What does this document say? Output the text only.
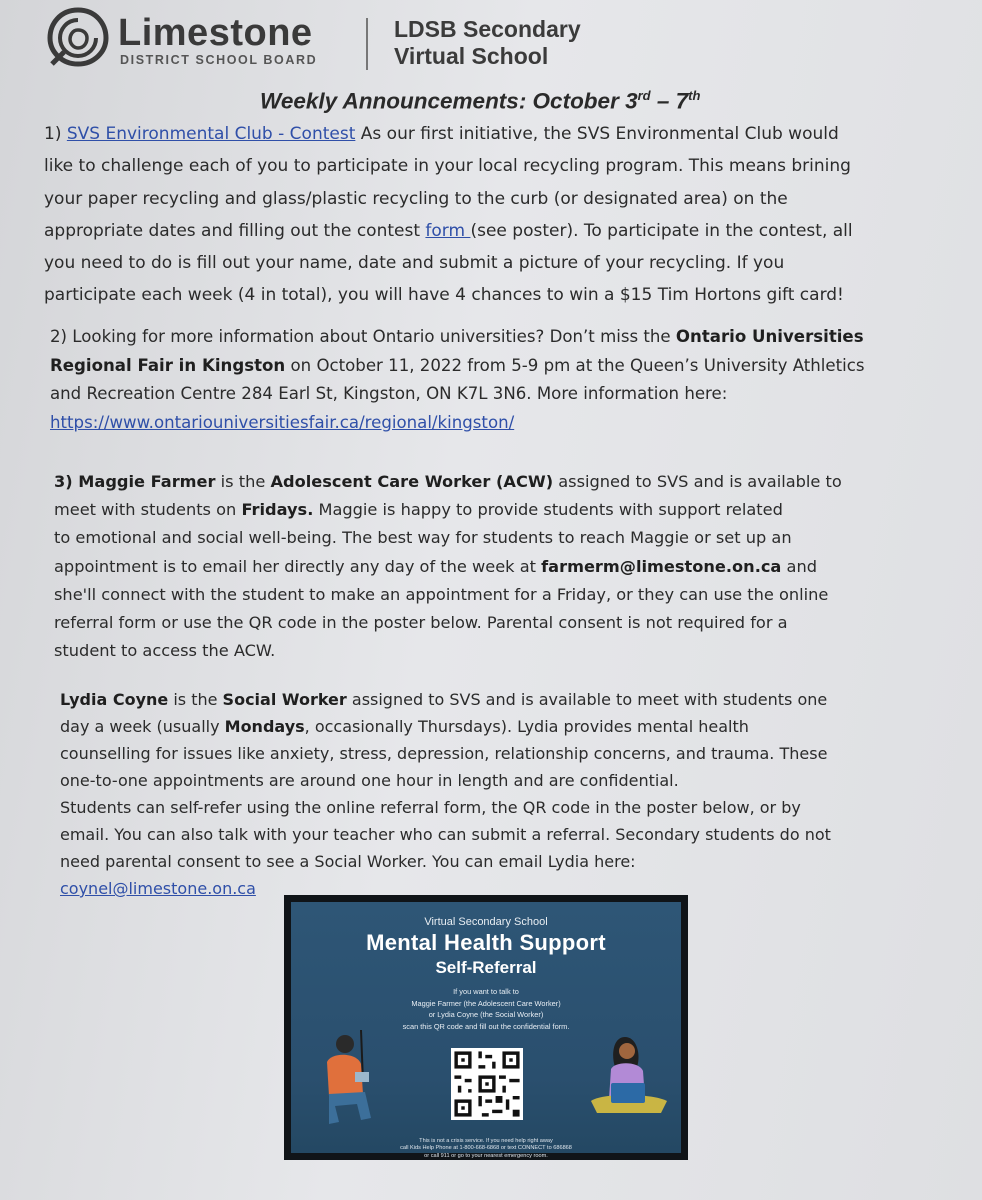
Limestone
DISTRICT SCHOOL BOARD
LDSB Secondary
Virtual School
Weekly Announcements: October 3rd – 7th
1) SVS Environmental Club - Contest As our first initiative, the SVS Environmental Club would
like to challenge each of you to participate in your local recycling program. This means brining
your paper recycling and glass/plastic recycling to the curb (or designated area) on the
appropriate dates and filling out the contest form (see poster). To participate in the contest, all
you need to do is fill out your name, date and submit a picture of your recycling. If you
participate each week (4 in total), you will have 4 chances to win a $15 Tim Hortons gift card!
2) Looking for more information about Ontario universities? Don’t miss the Ontario Universities
Regional Fair in Kingston on October 11, 2022 from 5-9 pm at the Queen’s University Athletics
and Recreation Centre 284 Earl St, Kingston, ON K7L 3N6. More information here:
https://www.ontariouniversitiesfair.ca/regional/kingston/
3) Maggie Farmer is the Adolescent Care Worker (ACW) assigned to SVS and is available to
meet with students on Fridays. Maggie is happy to provide students with support related
to emotional and social well-being. The best way for students to reach Maggie or set up an
appointment is to email her directly any day of the week at farmerm@limestone.on.ca and
she'll connect with the student to make an appointment for a Friday, or they can use the online
referral form or use the QR code in the poster below. Parental consent is not required for a
student to access the ACW.
Lydia Coyne is the Social Worker assigned to SVS and is available to meet with students one
day a week (usually Mondays, occasionally Thursdays). Lydia provides mental health
counselling for issues like anxiety, stress, depression, relationship concerns, and trauma. These
one-to-one appointments are around one hour in length and are confidential.
Students can self-refer using the online referral form, the QR code in the poster below, or by
email. You can also talk with your teacher who can submit a referral. Secondary students do not
need parental consent to see a Social Worker. You can email Lydia here:
coynel@limestone.on.ca
Virtual Secondary School
Mental Health Support
Self-Referral
If you want to talk to
Maggie Farmer (the Adolescent Care Worker)
or Lydia Coyne (the Social Worker)
scan this QR code and fill out the confidential form.
This is not a crisis service. If you need help right away
call Kids Help Phone at 1-800-668-6868 or text CONNECT to 686868
or call 911 or go to your nearest emergency room.
